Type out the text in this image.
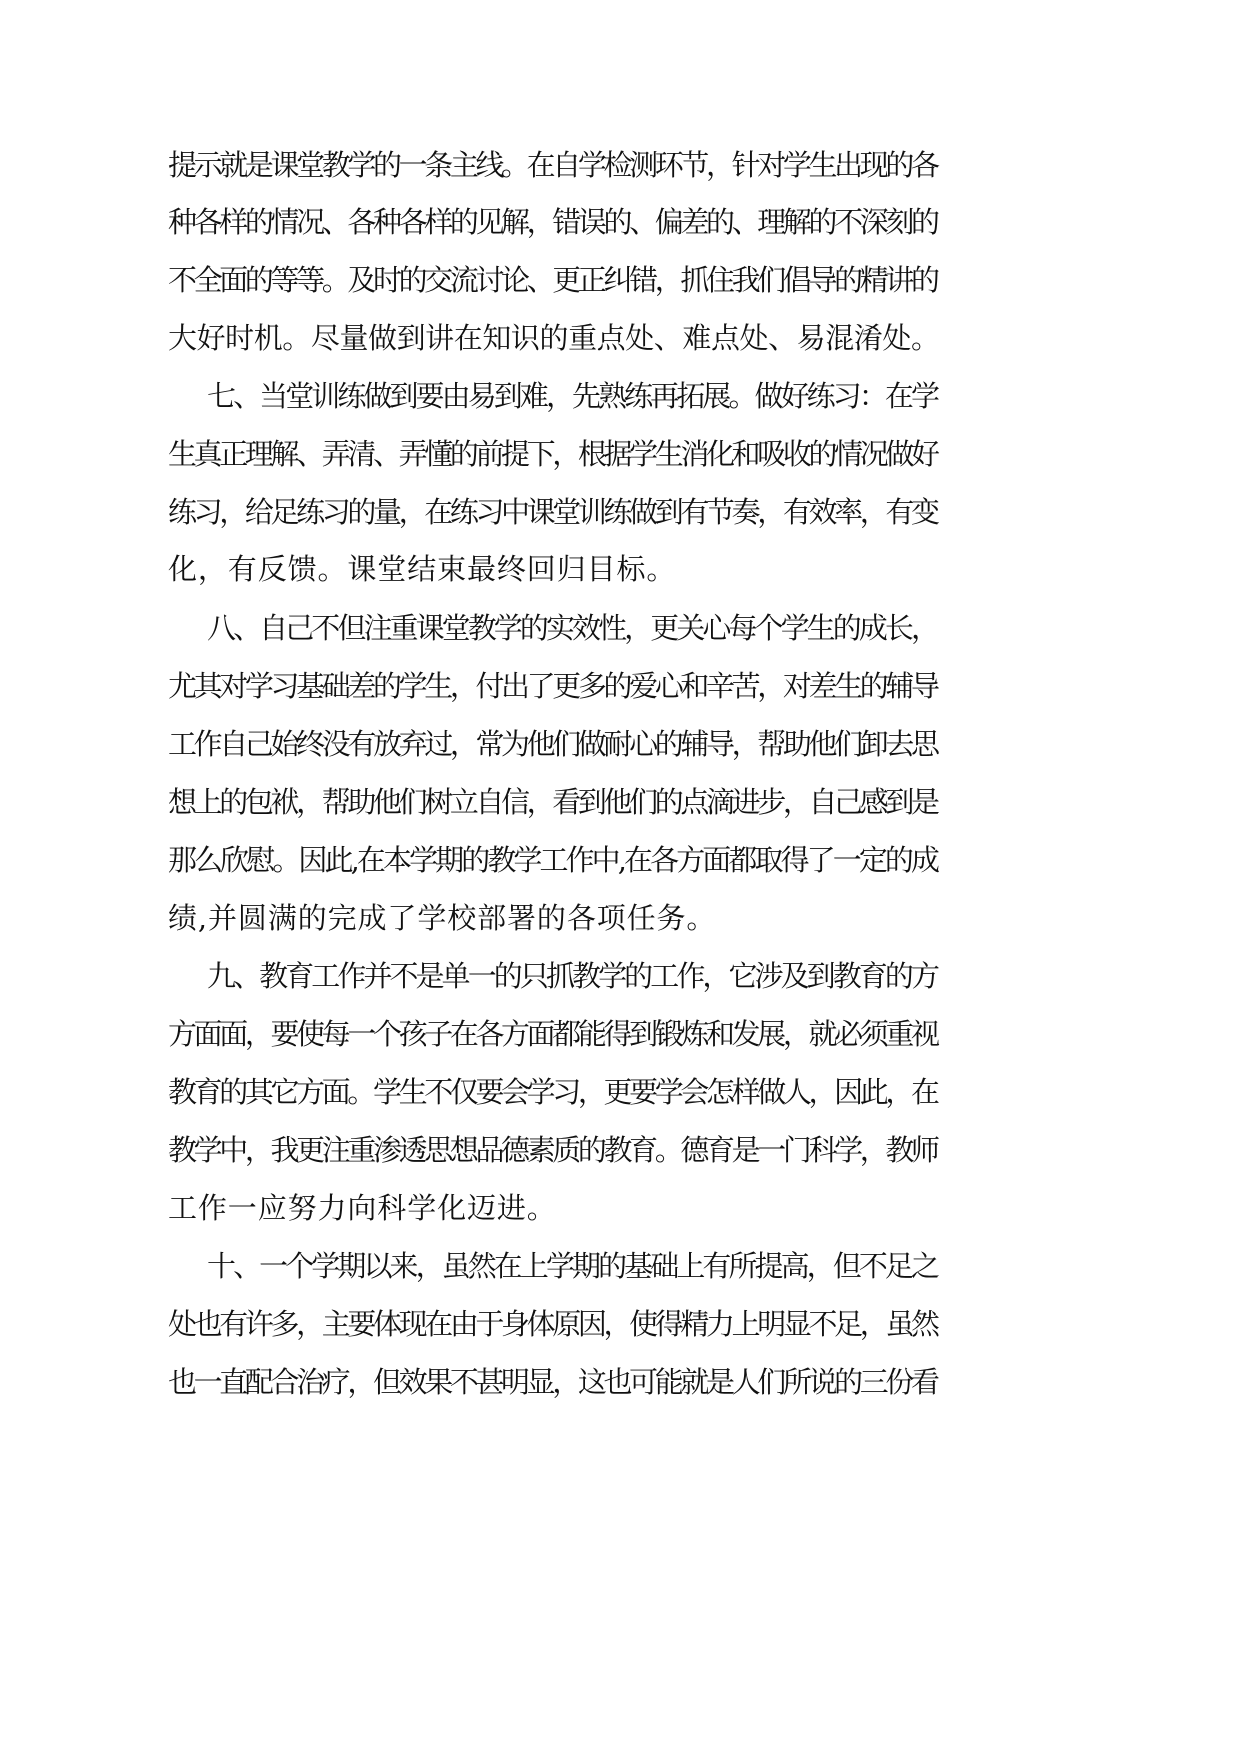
提示就是课堂教学的一条主线。在自学检测环节，针对学生出现的各
种各样的情况、各种各样的见解，错误的、偏差的、理解的不深刻的
不全面的等等。及时的交流讨论、更正纠错，抓住我们倡导的精讲的
大好时机。尽量做到讲在知识的重点处、难点处、易混淆处。
七、当堂训练做到要由易到难，先熟练再拓展。做好练习：在学
生真正理解、弄清、弄懂的前提下，根据学生消化和吸收的情况做好
练习，给足练习的量，在练习中课堂训练做到有节奏，有效率，有变
化，有反馈。课堂结束最终回归目标。
八、自己不但注重课堂教学的实效性，更关心每个学生的成长，
尤其对学习基础差的学生，付出了更多的爱心和辛苦，对差生的辅导
工作自己始终没有放弃过，常为他们做耐心的辅导，帮助他们卸去思
想上的包袱，帮助他们树立自信，看到他们的点滴进步，自己感到是
那么欣慰。因此,在本学期的教学工作中,在各方面都取得了一定的成
绩,并圆满的完成了学校部署的各项任务。
九、教育工作并不是单一的只抓教学的工作，它涉及到教育的方
方面面，要使每一个孩子在各方面都能得到锻炼和发展，就必须重视
教育的其它方面。学生不仅要会学习，更要学会怎样做人，因此，在
教学中，我更注重渗透思想品德素质的教育。德育是一门科学，教师
工作一应努力向科学化迈进。
十、一个学期以来，虽然在上学期的基础上有所提高，但不足之
处也有许多，主要体现在由于身体原因，使得精力上明显不足，虽然
也一直配合治疗，但效果不甚明显，这也可能就是人们所说的三份看
